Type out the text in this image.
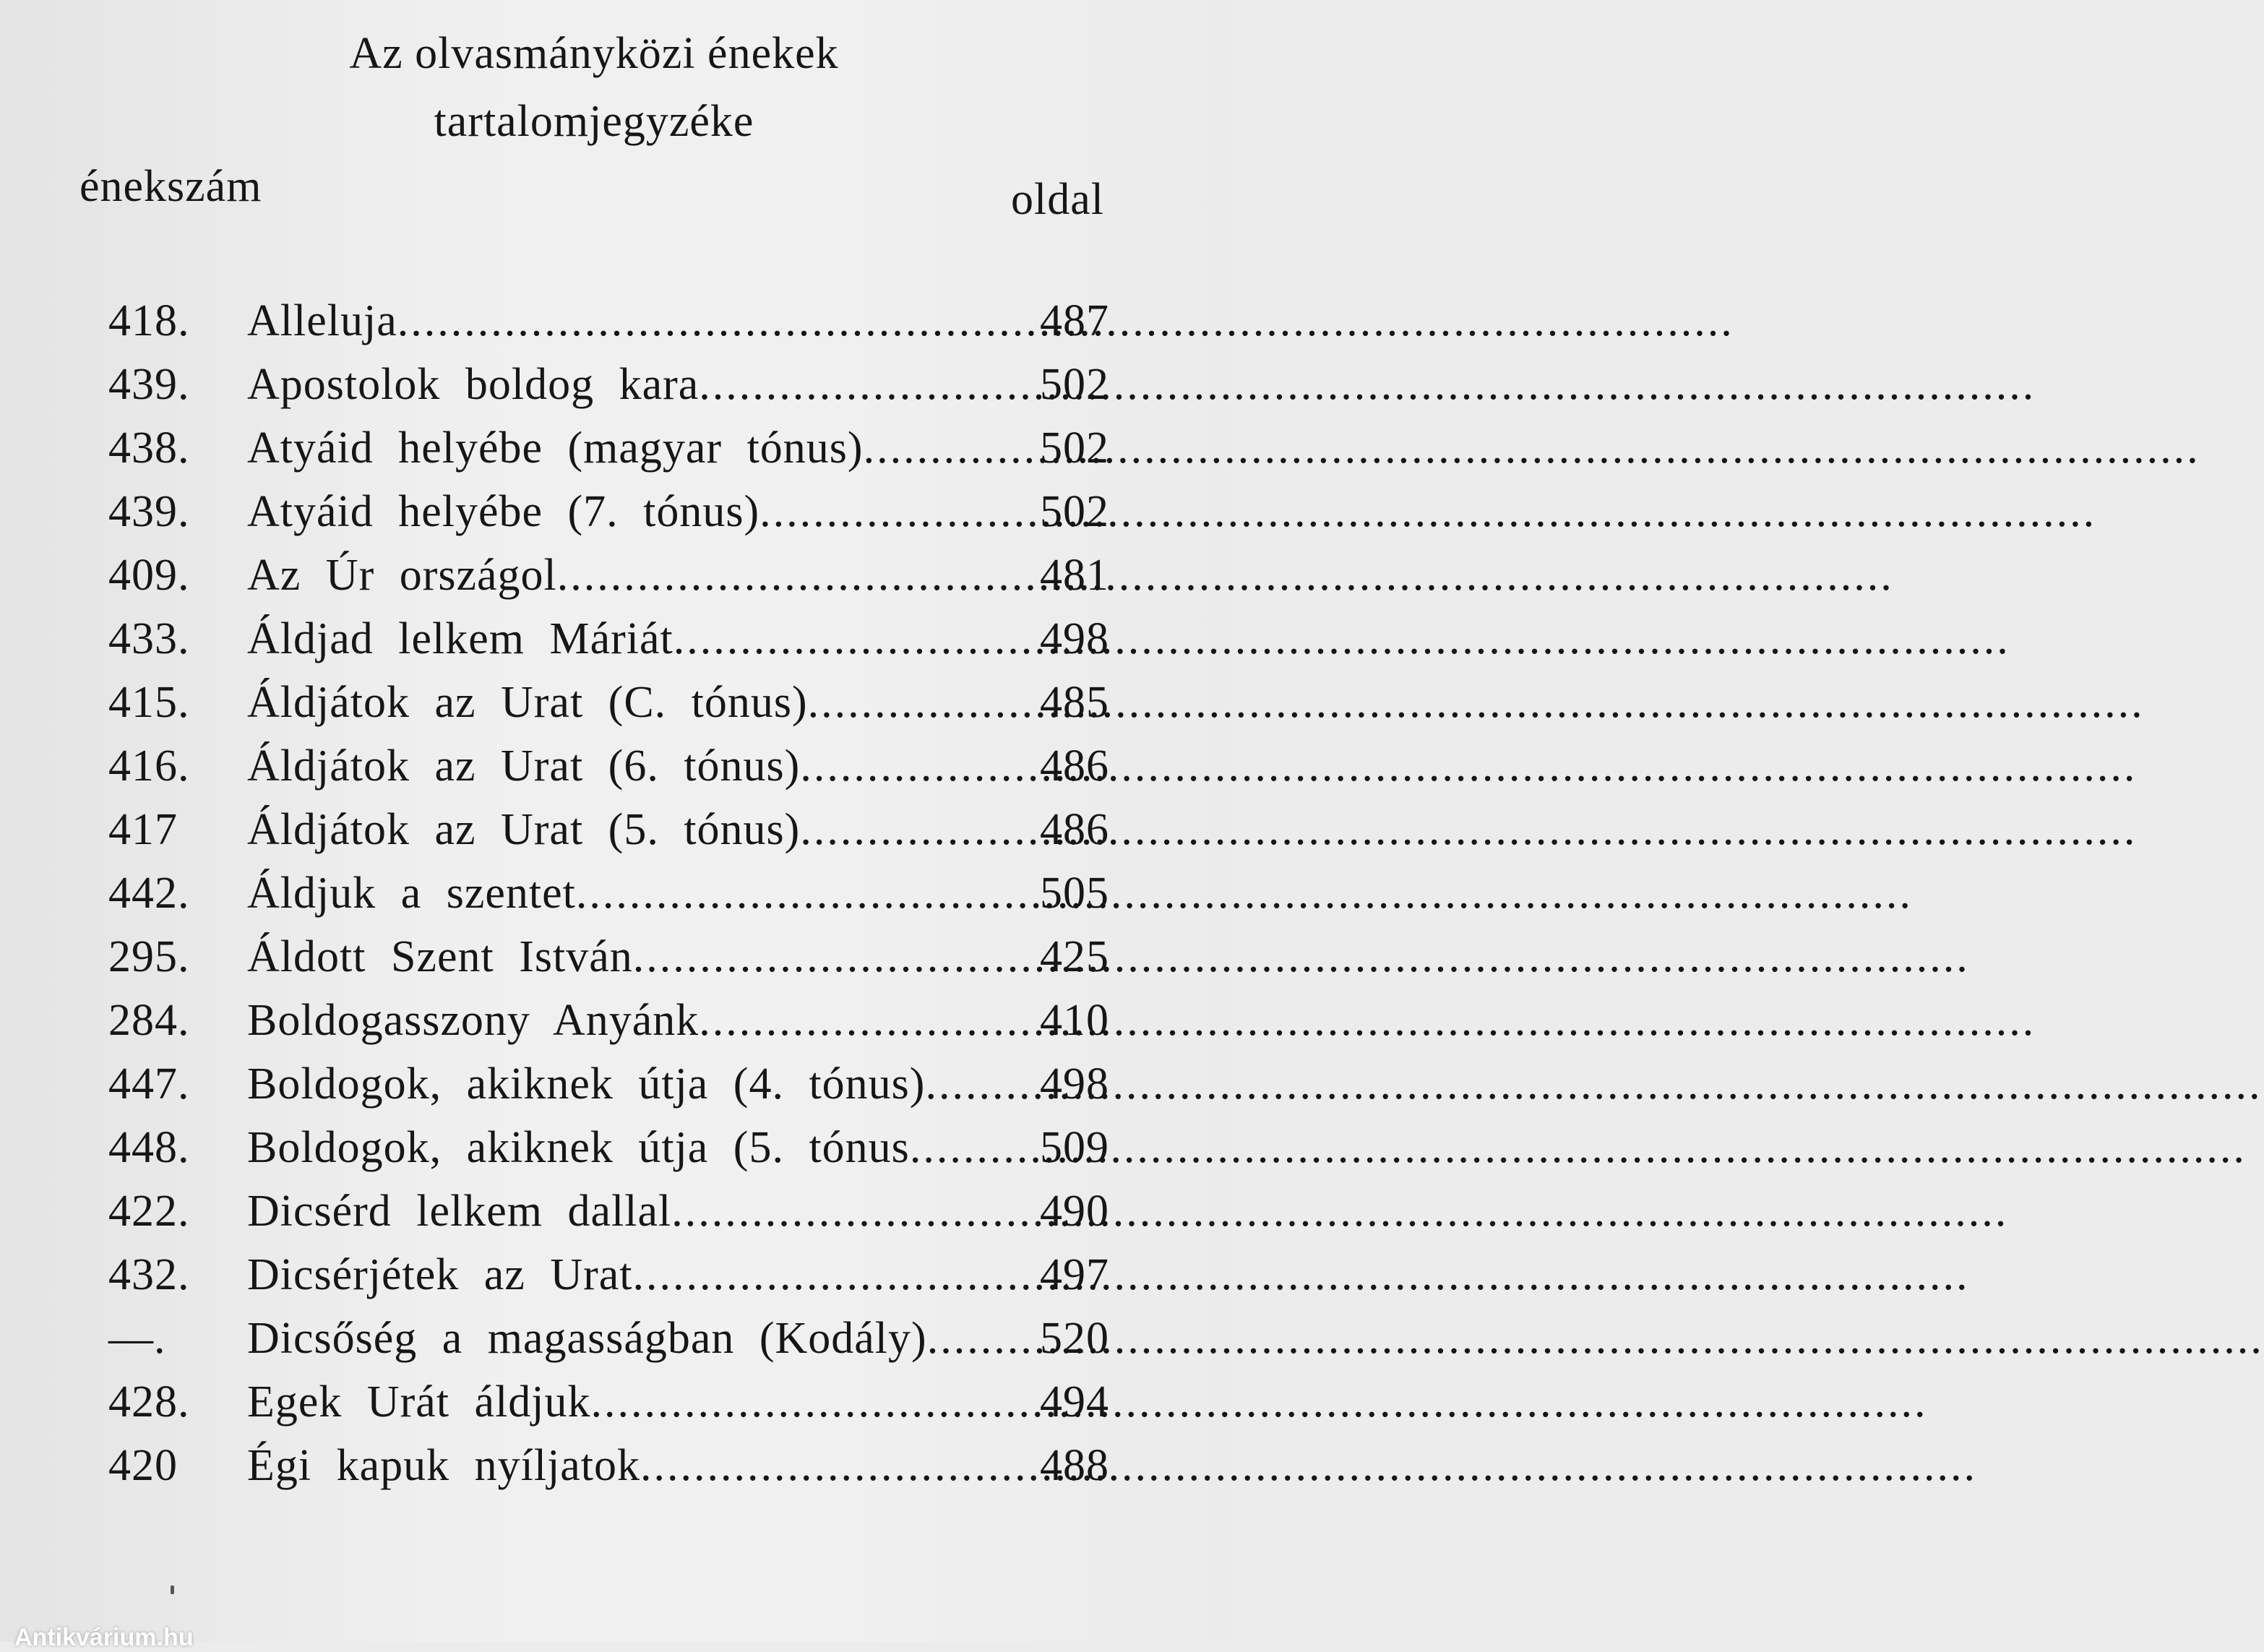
Az olvasmányközi énekek
tartalomjegyzéke
énekszám	oldal
418.	Alleluja .....	487
439.	Apostolok boldog kara .....	502
438.	Atyáid helyébe (magyar tónus) .....	502
439.	Atyáid helyébe (7. tónus) .....	502
409.	Az Úr országol .....	481
433.	Áldjad lelkem Máriát .....	498
415.	Áldjátok az Urat (C. tónus) .....	485
416.	Áldjátok az Urat (6. tónus) .....	486
417	Áldjátok az Urat (5. tónus) .....	486
442.	Áldjuk a szentet .....	505
295.	Áldott Szent István .....	425
284.	Boldogasszony Anyánk .....	410
447.	Boldogok, akiknek útja (4. tónus) .....	498
448.	Boldogok, akiknek útja (5. tónus .....	509
422.	Dicsérd lelkem dallal .....	490
432.	Dicsérjétek az Urat .....	497
—.	Dicsőség a magasságban (Kodály) .....	520
428.	Egek Urát áldjuk .....	494
420	Égi kapuk nyíljatok .....	488
Antikvárium.hu
